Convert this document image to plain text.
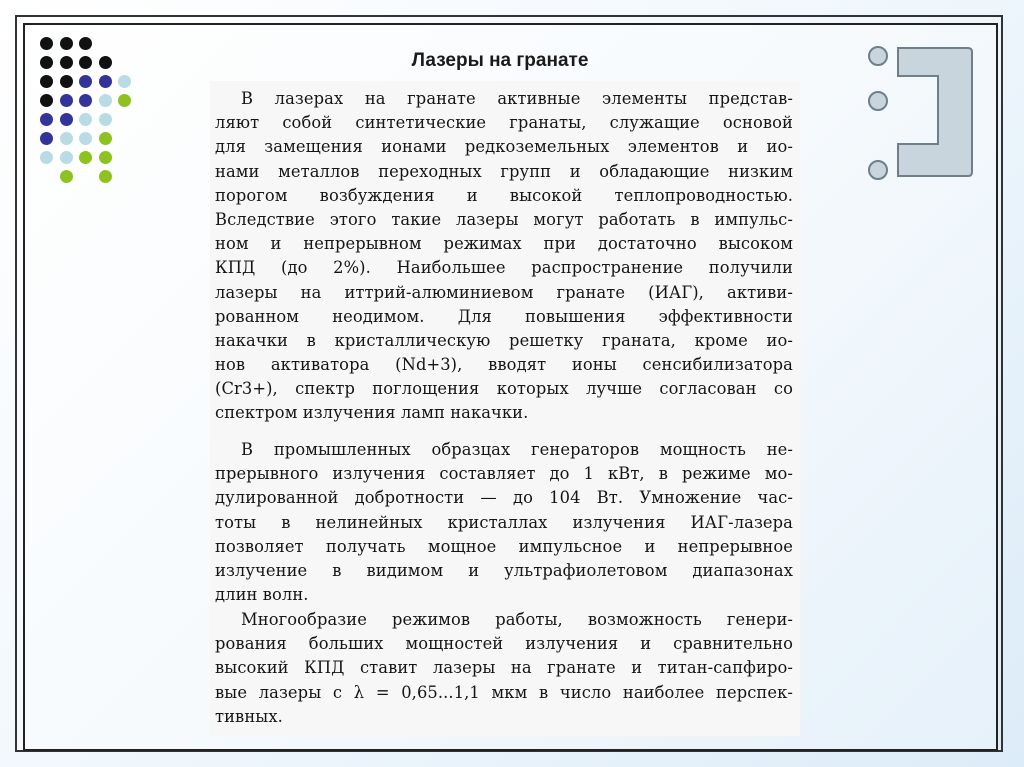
Лазеры на гранате
В лазерах на гранате активные элементы представ-
ляют собой синтетические гранаты, служащие основой
для замещения ионами редкоземельных элементов и ио-
нами металлов переходных групп и обладающие низким
порогом возбуждения и высокой теплопроводностью.
Вследствие этого такие лазеры могут работать в импульс-
ном и непрерывном режимах при достаточно высоком
КПД (до 2%). Наибольшее распространение получили
лазеры на иттрий-алюминиевом гранате (ИАГ), активи-
рованном неодимом. Для повышения эффективности
накачки в кристаллическую решетку граната, кроме ио-
нов активатора (Nd+3), вводят ионы сенсибилизатора
(Cr3+), спектр поглощения которых лучше согласован со
спектром излучения ламп накачки.
В промышленных образцах генераторов мощность не-
прерывного излучения составляет до 1 кВт, в режиме мо-
дулированной добротности — до 104 Вт. Умножение час-
тоты в нелинейных кристаллах излучения ИАГ-лазера
позволяет получать мощное импульсное и непрерывное
излучение в видимом и ультрафиолетовом диапазонах
длин волн.
Многообразие режимов работы, возможность генери-
рования больших мощностей излучения и сравнительно
высокий КПД ставит лазеры на гранате и титан-сапфиро-
вые лазеры с λ = 0,65...1,1 мкм в число наиболее перспек-
тивных.
